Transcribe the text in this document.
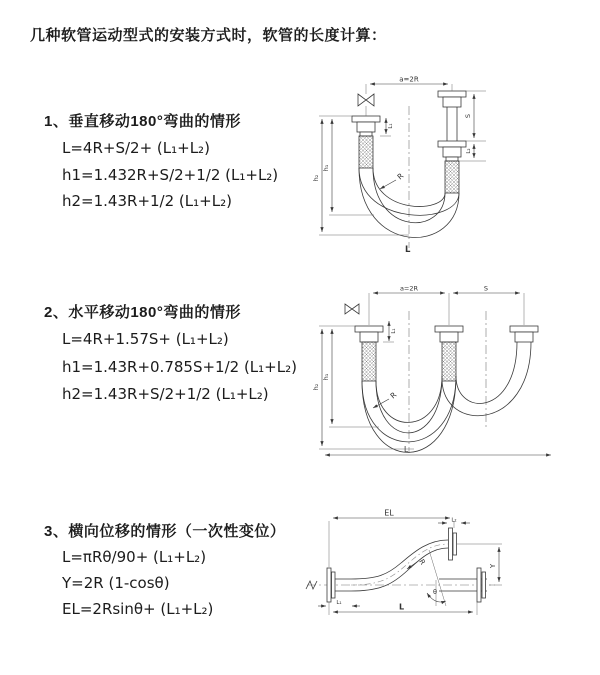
几种软管运动型式的安装方式时，软管的长度计算：
1、垂直移动180°弯曲的情形
L=4R+S/2+ (L₁+L₂)
h1=1.432R+S/2+1/2 (L₁+L₂)
h2=1.43R+1/2 (L₁+L₂)
2、水平移动180°弯曲的情形
L=4R+1.57S+ (L₁+L₂)
h1=1.43R+0.785S+1/2 (L₁+L₂)
h2=1.43R+S/2+1/2 (L₁+L₂)
3、横向位移的情形（一次性变位）
L=πRθ/90+ (L₁+L₂)
Y=2R (1-cosθ)
EL=2Rsinθ+ (L₁+L₂)
a=2R
h₂
h₁
L₁
S
L₂
R
L
a=2R	S
h₂
h₁
L₁
R
L
EL
L₂
Y
R
θ
L₁	L
